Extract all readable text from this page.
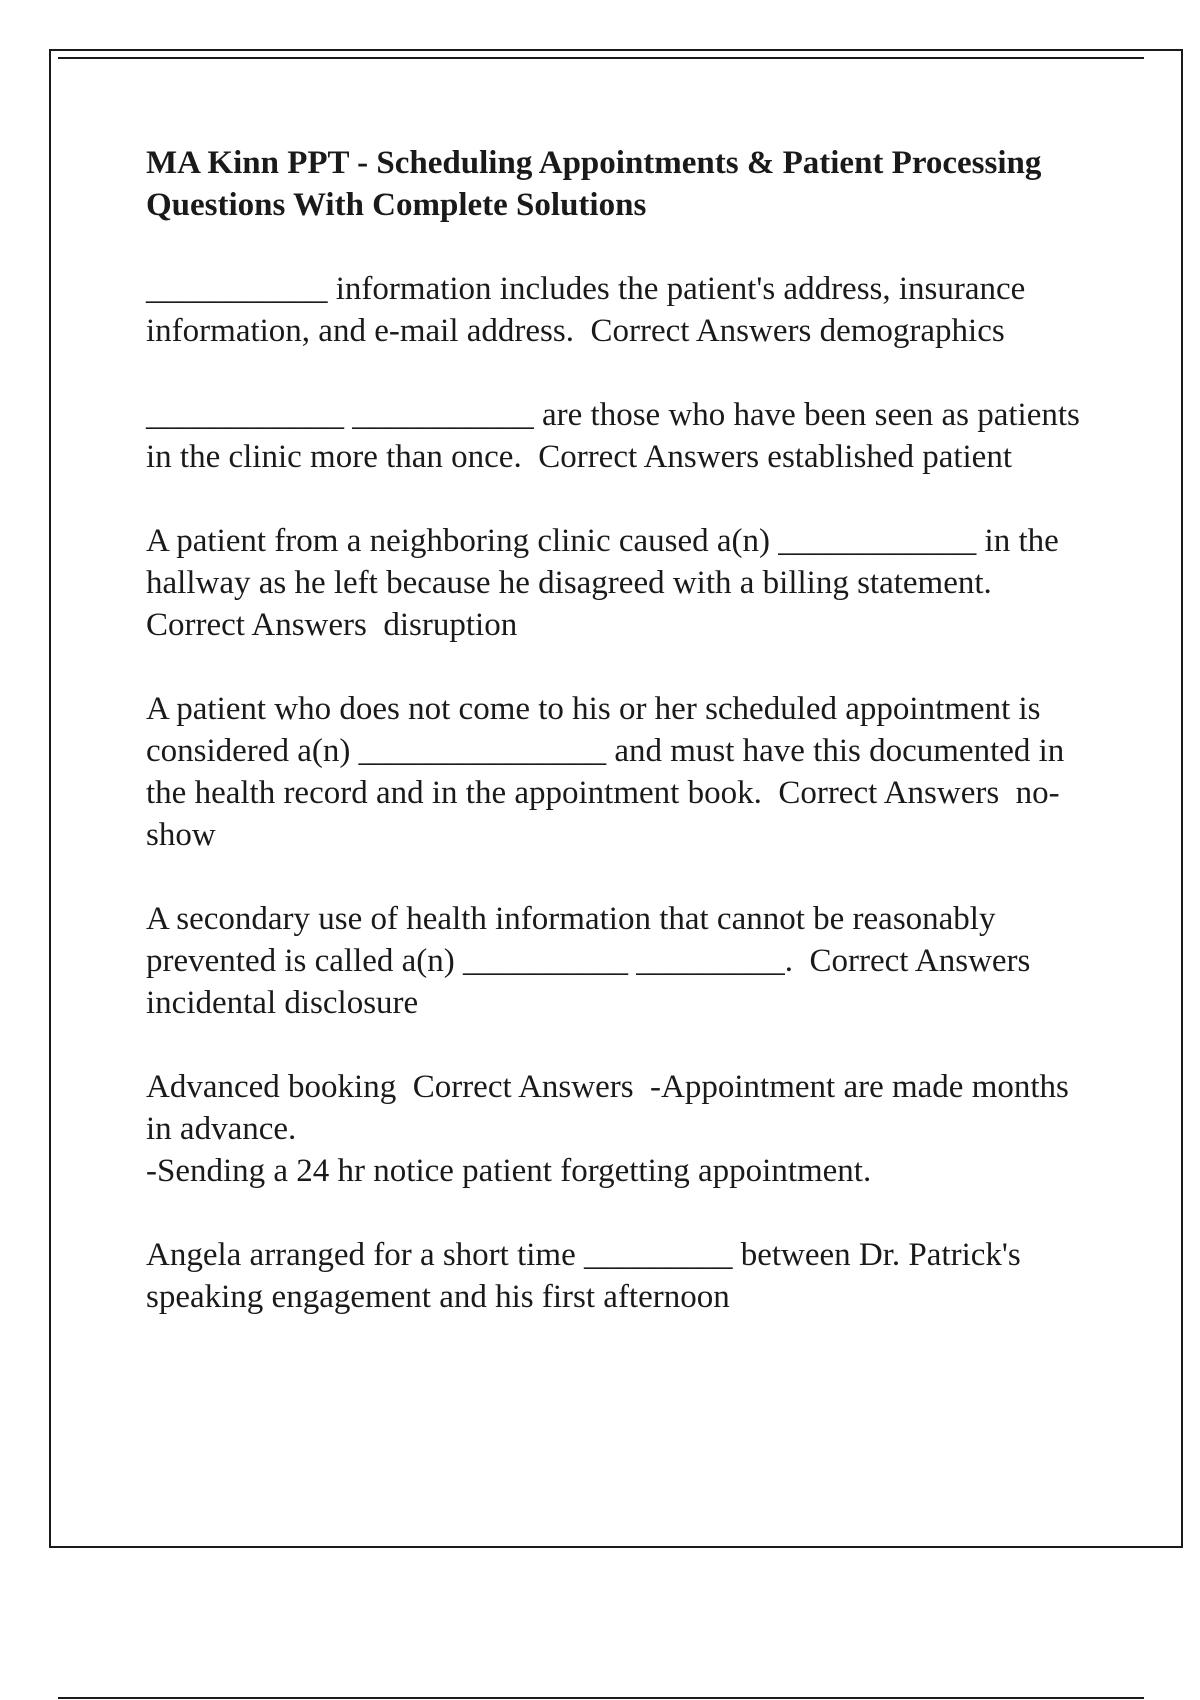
MA Kinn PPT - Scheduling Appointments & Patient Processing Questions With Complete Solutions
___________ information includes the patient's address, insurance information, and e-mail address.  Correct Answers demographics
____________ ___________ are those who have been seen as patients in the clinic more than once.  Correct Answers established patient
A patient from a neighboring clinic caused a(n) ____________ in the hallway as he left because he disagreed with a billing statement.  Correct Answers  disruption
A patient who does not come to his or her scheduled appointment is considered a(n) _______________ and must have this documented in the health record and in the appointment book.  Correct Answers  no-show
A secondary use of health information that cannot be reasonably prevented is called a(n) __________ _________.  Correct Answers  incidental disclosure
Advanced booking  Correct Answers  -Appointment are made months in advance.
-Sending a 24 hr notice patient forgetting appointment.
Angela arranged for a short time _________ between Dr. Patrick's speaking engagement and his first afternoon
